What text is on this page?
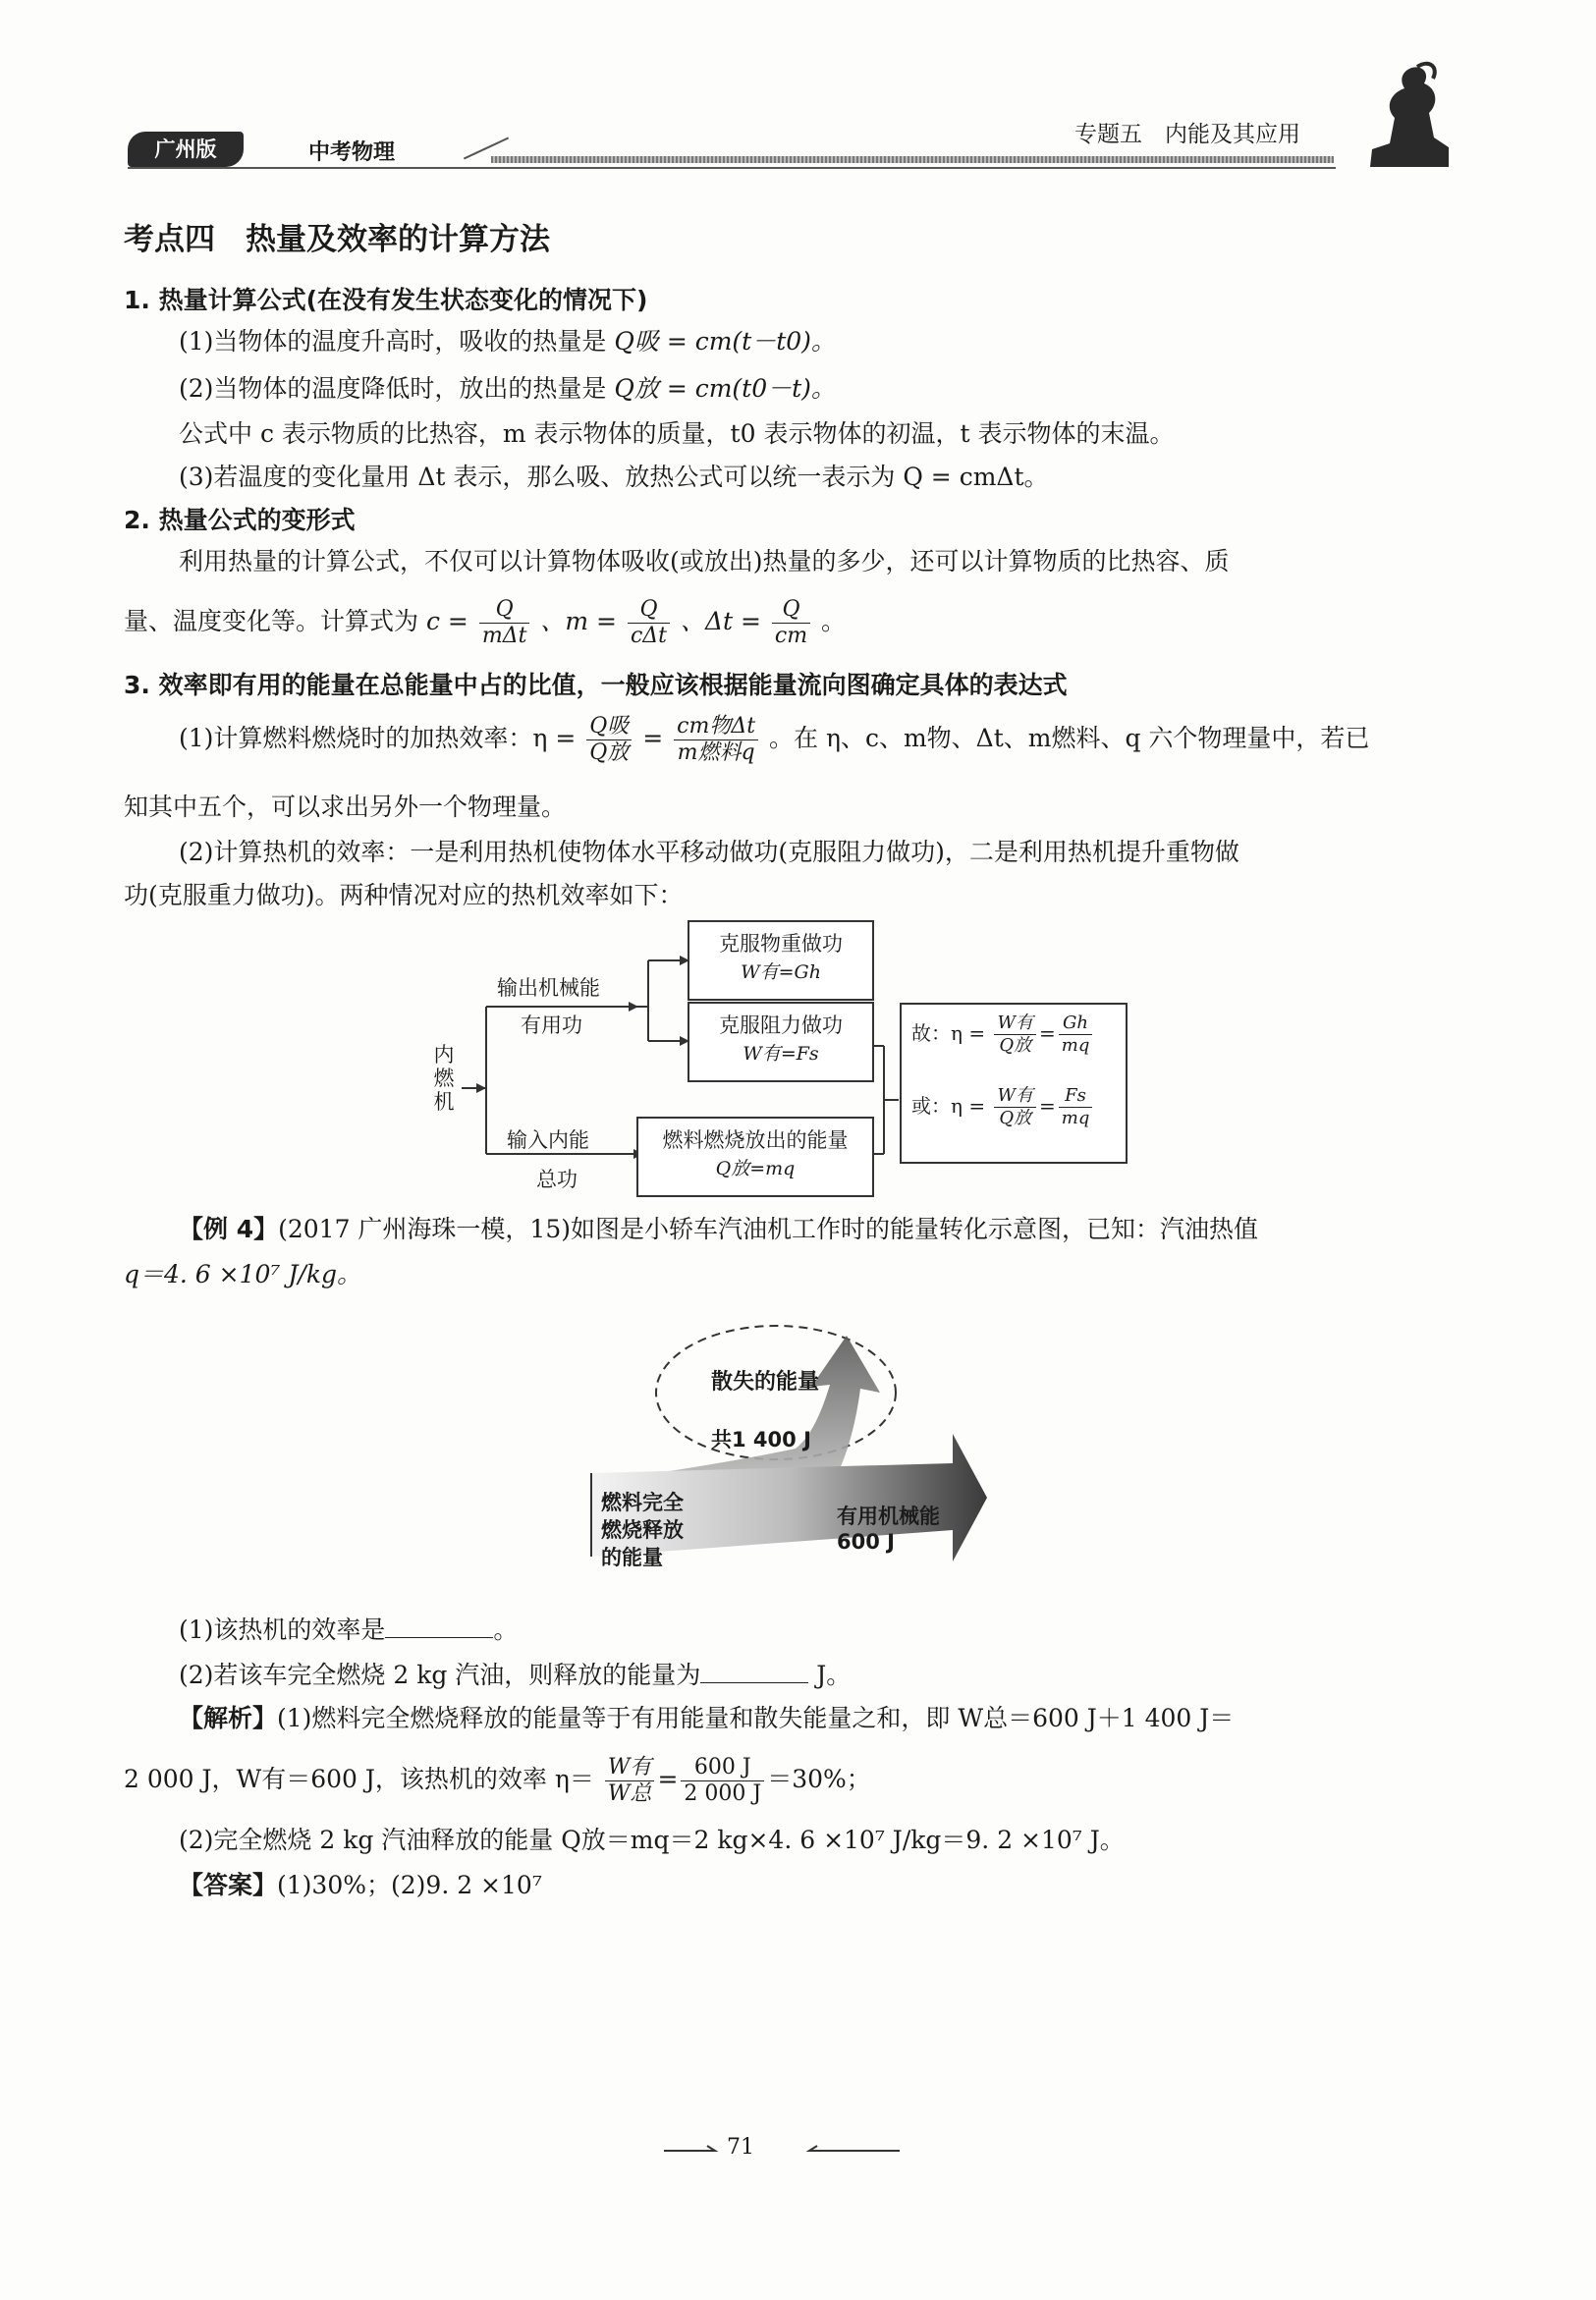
广州版	中考物理
专题五　内能及其应用
考点四　热量及效率的计算方法
1. 热量计算公式(在没有发生状态变化的情况下)
(1)当物体的温度升高时，吸收的热量是 Q吸 = cm(t－t0)。
(2)当物体的温度降低时，放出的热量是 Q放 = cm(t0－t)。
公式中 c 表示物质的比热容，m 表示物体的质量，t0 表示物体的初温，t 表示物体的末温。
(3)若温度的变化量用 Δt 表示，那么吸、放热公式可以统一表示为 Q = cmΔt。
2. 热量公式的变形式
利用热量的计算公式，不仅可以计算物体吸收(或放出)热量的多少，还可以计算物质的比热容、质
量、温度变化等。计算式为 $c = \frac{Q}{\text{mΔt}}$ 、$m = \frac{Q}{\text{cΔt}}$ 、$\Delta t = \frac{Q}{cm}$ 。
3. 效率即有用的能量在总能量中占的比值，一般应该根据能量流向图确定具体的表达式
(1)计算燃料燃烧时的加热效率：$\eta = \frac{\text{Q吸}}{\text{Q放}} = \frac{\text{cm物Δt}}{\text{m燃料q}}$ 。在 η、c、m物、Δt、m燃料、q 六个物理量中，若已
知其中五个，可以求出另外一个物理量。
(2)计算热机的效率：一是利用热机使物体水平移动做功(克服阻力做功)，二是利用热机提升重物做
功(克服重力做功)。两种情况对应的热机效率如下：
内燃机
输出机械能
有用功
输入内能
总功
克服物重做功
W有=Gh
克服阻力做功
W有=Fs
燃料燃烧放出的能量
Q放=mq
故：$\eta = \frac{\text{W有}}{\text{Q放}} = \frac{Gh}{mq}$
或：$\eta = \frac{\text{W有}}{\text{Q放}} = \frac{Fs}{mq}$
【例 4】(2017 广州海珠一模，15)如图是小轿车汽油机工作时的能量转化示意图，已知：汽油热值
q＝4. 6 ×10⁷ J/kg。
散失的能量
共1 400 J
燃料完全
燃烧释放
的能量
有用机械能
600 J
(1)该热机的效率是	。
(2)若该车完全燃烧 2 kg 汽油，则释放的能量为	J。
【解析】(1)燃料完全燃烧释放的能量等于有用能量和散失能量之和，即 W总＝600 J＋1 400 J＝
2 000 J，W有＝600 J，该热机的效率 $\eta= \frac{\text{W有}}{\text{W总}} = \frac{600 J}{2 000 J} =30\%$；
(2)完全燃烧 2 kg 汽油释放的能量 Q放＝mq＝2 kg×4. 6 ×10⁷ J/kg＝9. 2 ×10⁷ J。
【答案】(1)30%；(2)9. 2 ×10⁷
71
